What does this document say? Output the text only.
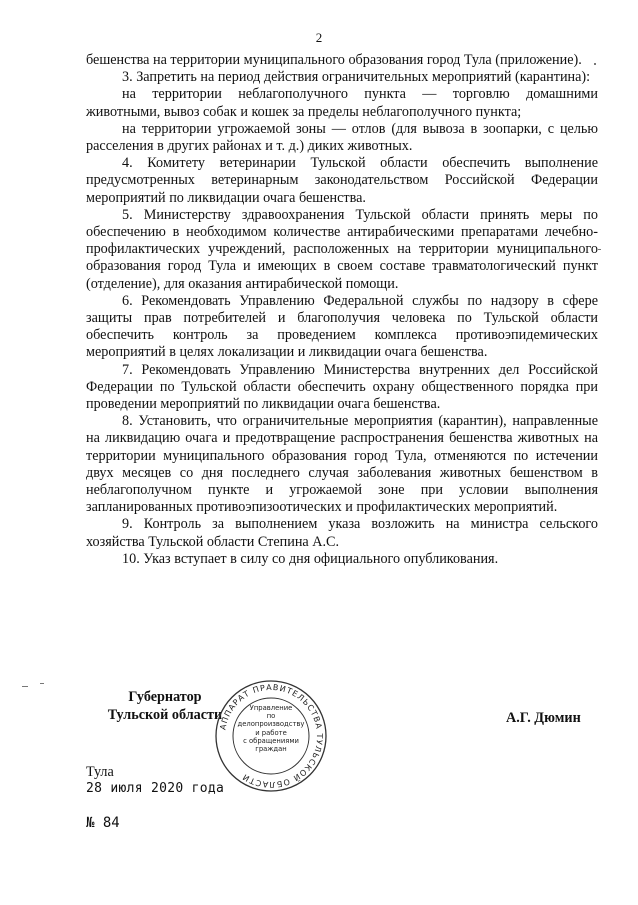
2

бешенства на территории муниципального образования город Тула (приложение).

3. Запретить на период действия ограничительных мероприятий (карантина):

на территории неблагополучного пункта — торговлю домашними животными, вывоз собак и кошек за пределы неблагополучного пункта;

на территории угрожаемой зоны — отлов (для вывоза в зоопарки, с целью расселения в других районах и т. д.) диких животных.

4. Комитету ветеринарии Тульской области обеспечить выполнение предусмотренных ветеринарным законодательством Российской Федерации мероприятий по ликвидации очага бешенства.

5. Министерству здравоохранения Тульской области принять меры по обеспечению в необходимом количестве антирабическими препаратами лечебно-профилактических учреждений, расположенных на территории муниципального образования город Тула и имеющих в своем составе травматологический пункт (отделение), для оказания антирабической помощи.

6. Рекомендовать Управлению Федеральной службы по надзору в сфере защиты прав потребителей и благополучия человека по Тульской области обеспечить контроль за проведением комплекса противоэпидемических мероприятий в целях локализации и ликвидации очага бешенства.

7. Рекомендовать Управлению Министерства внутренних дел Российской Федерации по Тульской области обеспечить охрану общественного порядка при проведении мероприятий по ликвидации очага бешенства.

8. Установить, что ограничительные мероприятия (карантин), направленные на ликвидацию очага и предотвращение распространения бешенства животных на территории муниципального образования город Тула, отменяются по истечении двух месяцев со дня последнего случая заболевания животных бешенством в неблагополучном пункте и угрожаемой зоне при условии выполнения запланированных противоэпизоотических и профилактических мероприятий.

9. Контроль за выполнением указа возложить на министра сельского хозяйства Тульской области Степина А.С.

10. Указ вступает в силу со дня официального опубликования.

Губернатор
Тульской области
АППАРАТ ПРАВИТЕЛЬСТВА ТУЛЬСКОЙ ОБЛАСТИ
Управление
по делопроизводству
и работе
с обращениями
граждан
А.Г. Дюмин
Тула
28 июля 2020 года
№ 84
